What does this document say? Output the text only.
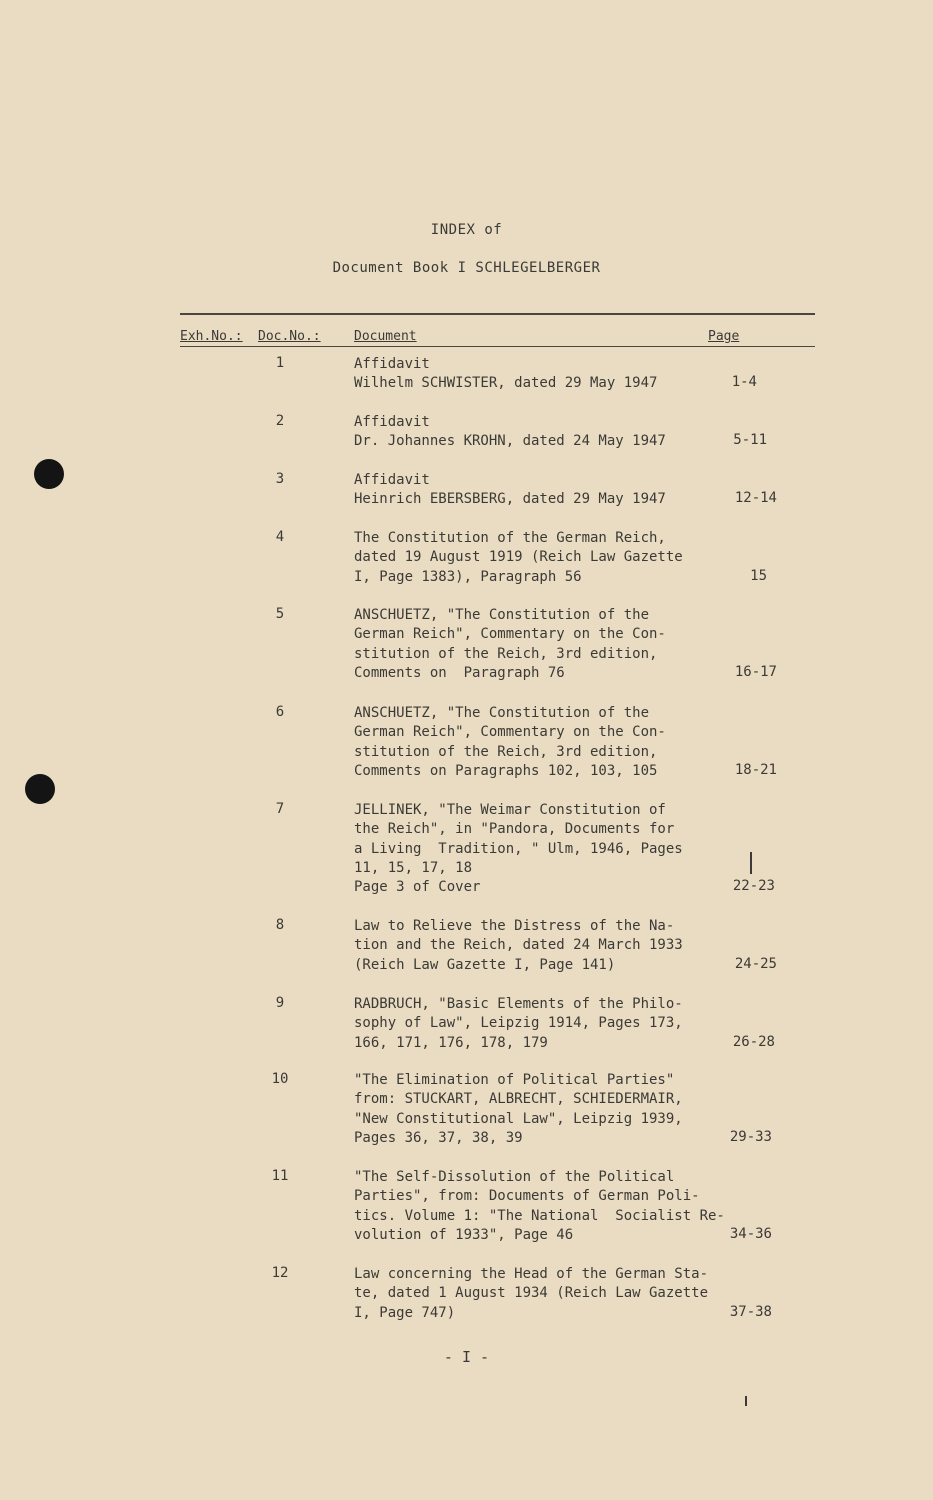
INDEX of
Document Book I SCHLEGELBERGER
Exh.No.: Doc.No.:	Document	Page
1	Affidavit
Wilhelm SCHWISTER, dated 29 May 1947	1-4
2	Affidavit
Dr. Johannes KROHN, dated 24 May 1947	5-11
3	Affidavit
Heinrich EBERSBERG, dated 29 May 1947	12-14
4	The Constitution of the German Reich,
dated 19 August 1919 (Reich Law Gazette
I, Page 1383), Paragraph 56	15
5	ANSCHUETZ, "The Constitution of the
German Reich", Commentary on the Con-
stitution of the Reich, 3rd edition,
Comments on  Paragraph 76	16-17
6	ANSCHUETZ, "The Constitution of the
German Reich", Commentary on the Con-
stitution of the Reich, 3rd edition,
Comments on Paragraphs 102, 103, 105	18-21
7	JELLINEK, "The Weimar Constitution of
the Reich", in "Pandora, Documents for
a Living  Tradition, " Ulm, 1946, Pages
11, 15, 17, 18
Page 3 of Cover	22-23
8	Law to Relieve the Distress of the Na-
tion and the Reich, dated 24 March 1933
(Reich Law Gazette I, Page 141)	24-25
9	RADBRUCH, "Basic Elements of the Philo-
sophy of Law", Leipzig 1914, Pages 173,
166, 171, 176, 178, 179	26-28
10	"The Elimination of Political Parties"
from: STUCKART, ALBRECHT, SCHIEDERMAIR,
"New Constitutional Law", Leipzig 1939,
Pages 36, 37, 38, 39	29-33
11	"The Self-Dissolution of the Political
Parties", from: Documents of German Poli-
tics. Volume 1: "The National  Socialist Re-
volution of 1933", Page 46	34-36
12	Law concerning the Head of the German Sta-
te, dated 1 August 1934 (Reich Law Gazette
I, Page 747)	37-38
- I -
